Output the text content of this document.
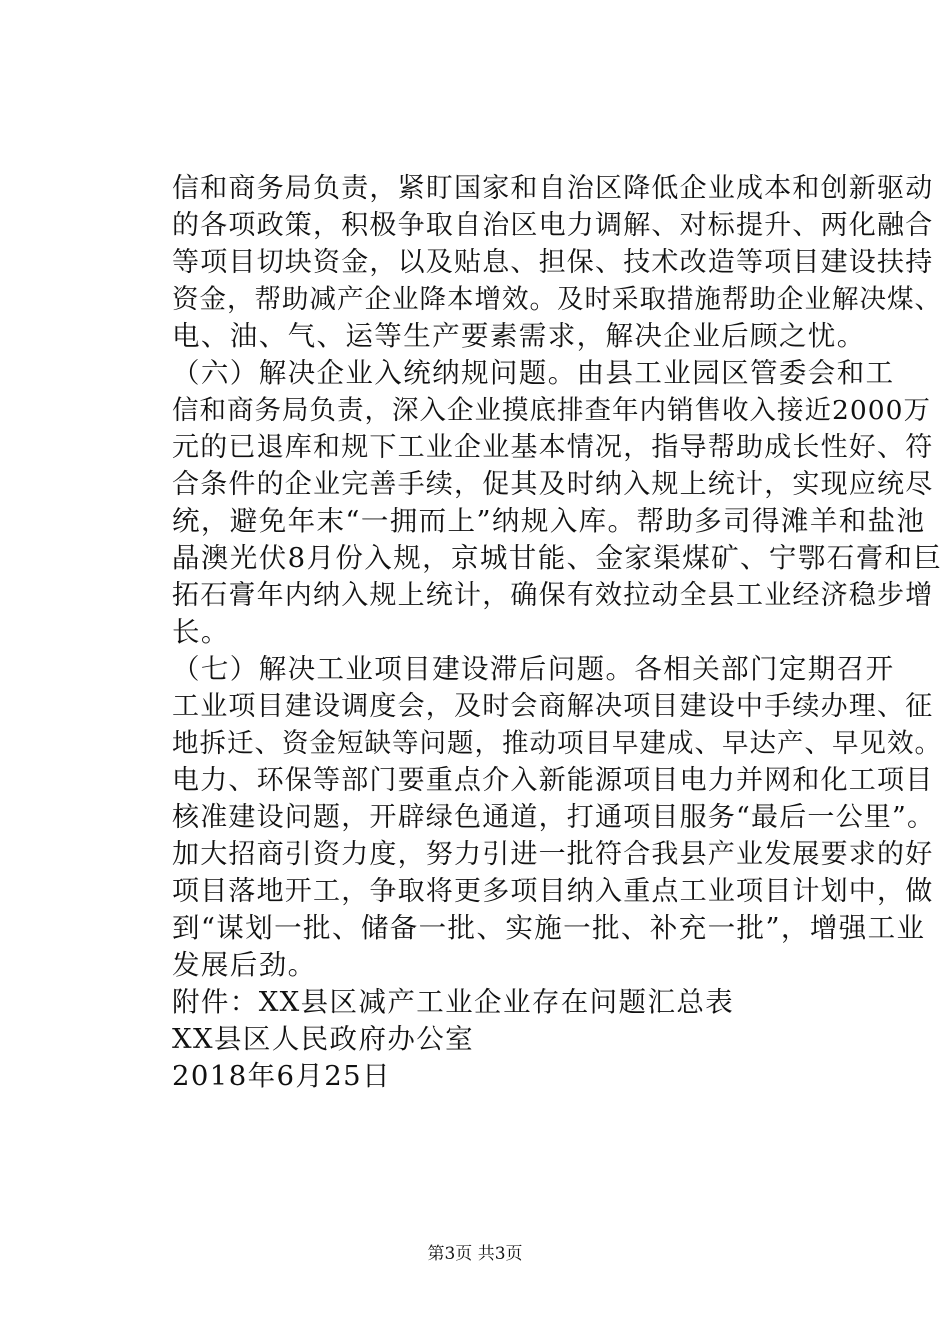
信和商务局负责，紧盯国家和自治区降低企业成本和创新驱动
的各项政策，积极争取自治区电力调解、对标提升、两化融合
等项目切块资金，以及贴息、担保、技术改造等项目建设扶持
资金，帮助减产企业降本增效。及时采取措施帮助企业解决煤、
电、油、气、运等生产要素需求，解决企业后顾之忧。
（六）解决企业入统纳规问题。由县工业园区管委会和工
信和商务局负责，深入企业摸底排查年内销售收入接近2000万
元的已退库和规下工业企业基本情况，指导帮助成长性好、符
合条件的企业完善手续，促其及时纳入规上统计，实现应统尽
统，避免年末“一拥而上”纳规入库。帮助多司得滩羊和盐池
晶澳光伏8月份入规，京城甘能、金家渠煤矿、宁鄂石膏和巨
拓石膏年内纳入规上统计，确保有效拉动全县工业经济稳步增
长。
（七）解决工业项目建设滞后问题。各相关部门定期召开
工业项目建设调度会，及时会商解决项目建设中手续办理、征
地拆迁、资金短缺等问题，推动项目早建成、早达产、早见效。
电力、环保等部门要重点介入新能源项目电力并网和化工项目
核准建设问题，开辟绿色通道，打通项目服务“最后一公里”。
加大招商引资力度，努力引进一批符合我县产业发展要求的好
项目落地开工，争取将更多项目纳入重点工业项目计划中，做
到“谋划一批、储备一批、实施一批、补充一批”，增强工业
发展后劲。
附件：XX县区减产工业企业存在问题汇总表
XX县区人民政府办公室
2018年6月25日
第3页 共3页
